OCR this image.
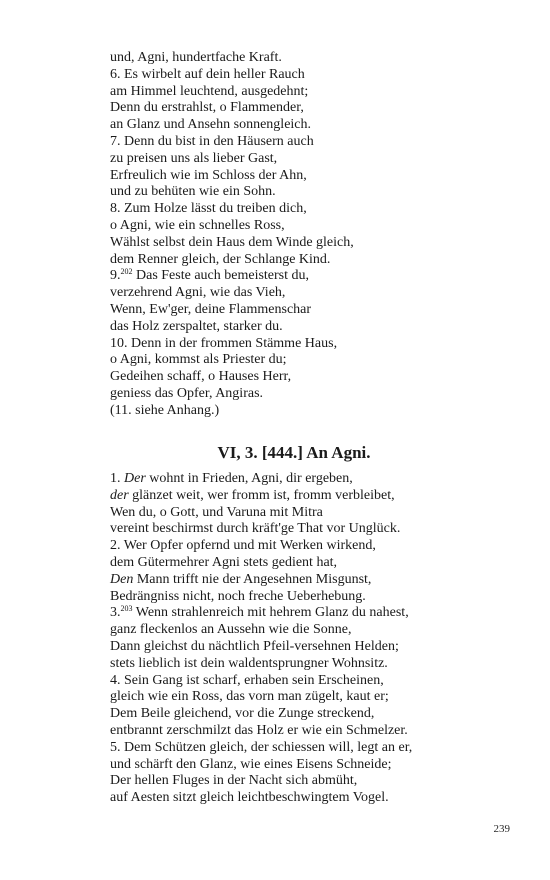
und, Agni, hundertfache Kraft.
6. Es wirbelt auf dein heller Rauch
am Himmel leuchtend, ausgedehnt;
Denn du erstrahlst, o Flammender,
an Glanz und Ansehn sonnengleich.
7. Denn du bist in den Häusern auch
zu preisen uns als lieber Gast,
Erfreulich wie im Schloss der Ahn,
und zu behüten wie ein Sohn.
8. Zum Holze lässt du treiben dich,
o Agni, wie ein schnelles Ross,
Wählst selbst dein Haus dem Winde gleich,
dem Renner gleich, der Schlange Kind.
9.$^{202}$ Das Feste auch bemeisterst du,
verzehrend Agni, wie das Vieh,
Wenn, Ew'ger, deine Flammenschar
das Holz zerspaltet, starker du.
10. Denn in der frommen Stämme Haus,
o Agni, kommst als Priester du;
Gedeihen schaff, o Hauses Herr,
geniess das Opfer, Angiras.
(11. siehe Anhang.)
VI, 3. [444.] An Agni.
1. Der wohnt in Frieden, Agni, dir ergeben,
der glänzet weit, wer fromm ist, fromm verbleibet,
Wen du, o Gott, und Varuna mit Mitra
vereint beschirmst durch kräft'ge That vor Unglück.
2. Wer Opfer opfernd und mit Werken wirkend,
dem Gütermehrer Agni stets gedient hat,
Den Mann trifft nie der Angesehnen Misgunst,
Bedrängniss nicht, noch freche Ueberhebung.
3.$^{203}$ Wenn strahlenreich mit hehrem Glanz du nahest,
ganz fleckenlos an Aussehn wie die Sonne,
Dann gleichst du nächtlich Pfeil-versehnen Helden;
stets lieblich ist dein waldentsprungner Wohnsitz.
4. Sein Gang ist scharf, erhaben sein Erscheinen,
gleich wie ein Ross, das vorn man zügelt, kaut er;
Dem Beile gleichend, vor die Zunge streckend,
entbrannt zerschmilzt das Holz er wie ein Schmelzer.
5. Dem Schützen gleich, der schiessen will, legt an er,
und schärft den Glanz, wie eines Eisens Schneide;
Der hellen Fluges in der Nacht sich abmüht,
auf Aesten sitzt gleich leichtbeschwingtem Vogel.
239
